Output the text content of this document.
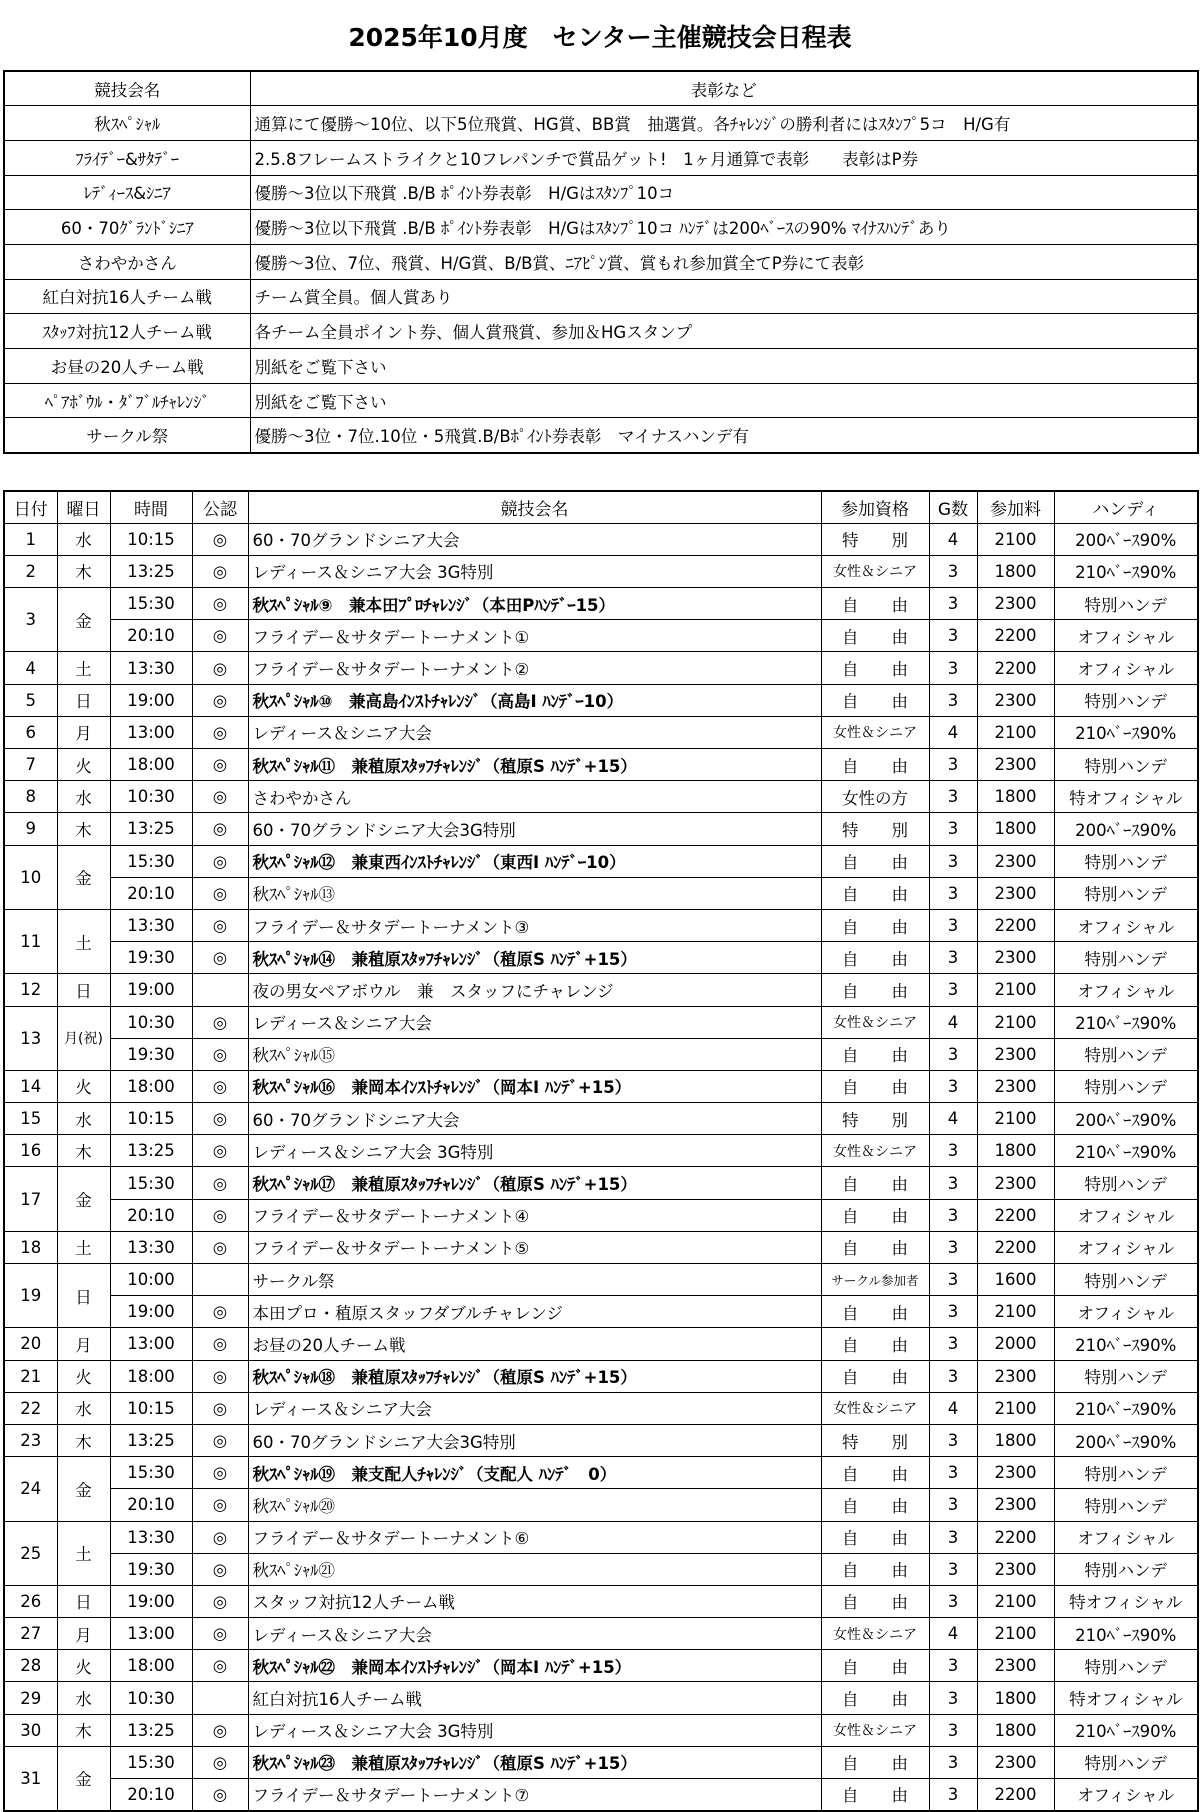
2025年10月度　センター主催競技会日程表
競技会名	表彰など
秋ｽﾍﾟｼｬﾙ	通算にて優勝～10位、以下5位飛賞、HG賞、BB賞　抽選賞。各ﾁｬﾚﾝｼﾞの勝利者にはｽﾀﾝﾌﾟ5コ　H/G有
ﾌﾗｲﾃﾞｰ&ｻﾀﾃﾞｰ	2.5.8フレームストライクと10フレパンチで賞品ゲット!　1ヶ月通算で表彰　　表彰はP券
ﾚﾃﾞｨｰｽ&ｼﾆｱ	優勝～3位以下飛賞 .B/B ﾎﾟｲﾝﾄ券表彰　H/Gはｽﾀﾝﾌﾟ10コ
60・70ｸﾞﾗﾝﾄﾞｼﾆｱ	優勝～3位以下飛賞 .B/B ﾎﾟｲﾝﾄ券表彰　H/Gはｽﾀﾝﾌﾟ10コ ﾊﾝﾃﾞは200ﾍﾞｰｽの90% ﾏｲﾅｽﾊﾝﾃﾞあり
さわやかさん	優勝～3位、7位、飛賞、H/G賞、B/B賞、ﾆｱﾋﾟﾝ賞、賞もれ参加賞全てP券にて表彰
紅白対抗16人チーム戦	チーム賞全員。個人賞あり
ｽﾀｯﾌ対抗12人チーム戦	各チーム全員ポイント券、個人賞飛賞、参加＆HGスタンプ
お昼の20人チーム戦	別紙をご覧下さい
ﾍﾟｱﾎﾞｳﾙ・ﾀﾞﾌﾞﾙﾁｬﾚﾝｼﾞ	別紙をご覧下さい
サークル祭	優勝～3位・7位.10位・5飛賞.B/Bﾎﾟｲﾝﾄ券表彰　マイナスハンデ有
日付	曜日	時間	公認	競技会名	参加資格	G数	参加料	ハンディ
1	水	10:15	◎	60・70グランドシニア大会	特　　別	4	2100	200ﾍﾞｰｽ90%
2	木	13:25	◎	レディース＆シニア大会 3G特別	女性＆シニア	3	1800	210ﾍﾞｰｽ90%
3	金	15:30	◎	秋ｽﾍﾟｼｬﾙ⑨　兼本田ﾌﾟﾛﾁｬﾚﾝｼﾞ（本田Pﾊﾝﾃﾞｰ15）	自　　由	3	2300	特別ハンデ
		20:10	◎	フライデー＆サタデートーナメント①	自　　由	3	2200	オフィシャル
4	土	13:30	◎	フライデー＆サタデートーナメント②	自　　由	3	2200	オフィシャル
5	日	19:00	◎	秋ｽﾍﾟｼｬﾙ⑩　兼高島ｲﾝｽﾄﾁｬﾚﾝｼﾞ（高島I ﾊﾝﾃﾞｰ10）	自　　由	3	2300	特別ハンデ
6	月	13:00	◎	レディース＆シニア大会	女性＆シニア	4	2100	210ﾍﾞｰｽ90%
7	火	18:00	◎	秋ｽﾍﾟｼｬﾙ⑪　兼稙原ｽﾀｯﾌﾁｬﾚﾝｼﾞ（稙原S ﾊﾝﾃﾞ+15）	自　　由	3	2300	特別ハンデ
8	水	10:30	◎	さわやかさん	女性の方	3	1800	特オフィシャル
9	木	13:25	◎	60・70グランドシニア大会3G特別	特　　別	3	1800	200ﾍﾞｰｽ90%
10	金	15:30	◎	秋ｽﾍﾟｼｬﾙ⑫　兼東西ｲﾝｽﾄﾁｬﾚﾝｼﾞ（東西I ﾊﾝﾃﾞｰ10）	自　　由	3	2300	特別ハンデ
		20:10	◎	秋ｽﾍﾟｼｬﾙ⑬	自　　由	3	2300	特別ハンデ
11	土	13:30	◎	フライデー＆サタデートーナメント③	自　　由	3	2200	オフィシャル
		19:30	◎	秋ｽﾍﾟｼｬﾙ⑭　兼稙原ｽﾀｯﾌﾁｬﾚﾝｼﾞ（稙原S ﾊﾝﾃﾞ+15）	自　　由	3	2300	特別ハンデ
12	日	19:00		夜の男女ペアボウル　兼　スタッフにチャレンジ	自　　由	3	2100	オフィシャル
13	月(祝)	10:30	◎	レディース＆シニア大会	女性＆シニア	4	2100	210ﾍﾞｰｽ90%
		19:30	◎	秋ｽﾍﾟｼｬﾙ⑮	自　　由	3	2300	特別ハンデ
14	火	18:00	◎	秋ｽﾍﾟｼｬﾙ⑯　兼岡本ｲﾝｽﾄﾁｬﾚﾝｼﾞ（岡本I ﾊﾝﾃﾞ+15）	自　　由	3	2300	特別ハンデ
15	水	10:15	◎	60・70グランドシニア大会	特　　別	4	2100	200ﾍﾞｰｽ90%
16	木	13:25	◎	レディース＆シニア大会 3G特別	女性＆シニア	3	1800	210ﾍﾞｰｽ90%
17	金	15:30	◎	秋ｽﾍﾟｼｬﾙ⑰　兼稙原ｽﾀｯﾌﾁｬﾚﾝｼﾞ（稙原S ﾊﾝﾃﾞ+15）	自　　由	3	2300	特別ハンデ
		20:10	◎	フライデー＆サタデートーナメント④	自　　由	3	2200	オフィシャル
18	土	13:30	◎	フライデー＆サタデートーナメント⑤	自　　由	3	2200	オフィシャル
19	日	10:00		サークル祭	サークル参加者	3	1600	特別ハンデ
		19:00	◎	本田プロ・稙原スタッフダブルチャレンジ	自　　由	3	2100	オフィシャル
20	月	13:00	◎	お昼の20人チーム戦	自　　由	3	2000	210ﾍﾞｰｽ90%
21	火	18:00	◎	秋ｽﾍﾟｼｬﾙ⑱　兼稙原ｽﾀｯﾌﾁｬﾚﾝｼﾞ（稙原S ﾊﾝﾃﾞ+15）	自　　由	3	2300	特別ハンデ
22	水	10:15	◎	レディース＆シニア大会	女性＆シニア	4	2100	210ﾍﾞｰｽ90%
23	木	13:25	◎	60・70グランドシニア大会3G特別	特　　別	3	1800	200ﾍﾞｰｽ90%
24	金	15:30	◎	秋ｽﾍﾟｼｬﾙ⑲　兼支配人ﾁｬﾚﾝｼﾞ（支配人 ﾊﾝﾃﾞ　0）	自　　由	3	2300	特別ハンデ
		20:10	◎	秋ｽﾍﾟｼｬﾙ⑳	自　　由	3	2300	特別ハンデ
25	土	13:30	◎	フライデー＆サタデートーナメント⑥	自　　由	3	2200	オフィシャル
		19:30	◎	秋ｽﾍﾟｼｬﾙ㉑	自　　由	3	2300	特別ハンデ
26	日	19:00	◎	スタッフ対抗12人チーム戦	自　　由	3	2100	特オフィシャル
27	月	13:00	◎	レディース＆シニア大会	女性＆シニア	4	2100	210ﾍﾞｰｽ90%
28	火	18:00	◎	秋ｽﾍﾟｼｬﾙ㉒　兼岡本ｲﾝｽﾄﾁｬﾚﾝｼﾞ（岡本I ﾊﾝﾃﾞ+15）	自　　由	3	2300	特別ハンデ
29	水	10:30		紅白対抗16人チーム戦	自　　由	3	1800	特オフィシャル
30	木	13:25	◎	レディース＆シニア大会 3G特別	女性＆シニア	3	1800	210ﾍﾞｰｽ90%
31	金	15:30	◎	秋ｽﾍﾟｼｬﾙ㉓　兼稙原ｽﾀｯﾌﾁｬﾚﾝｼﾞ（稙原S ﾊﾝﾃﾞ+15）	自　　由	3	2300	特別ハンデ
		20:10	◎	フライデー＆サタデートーナメント⑦	自　　由	3	2200	オフィシャル
